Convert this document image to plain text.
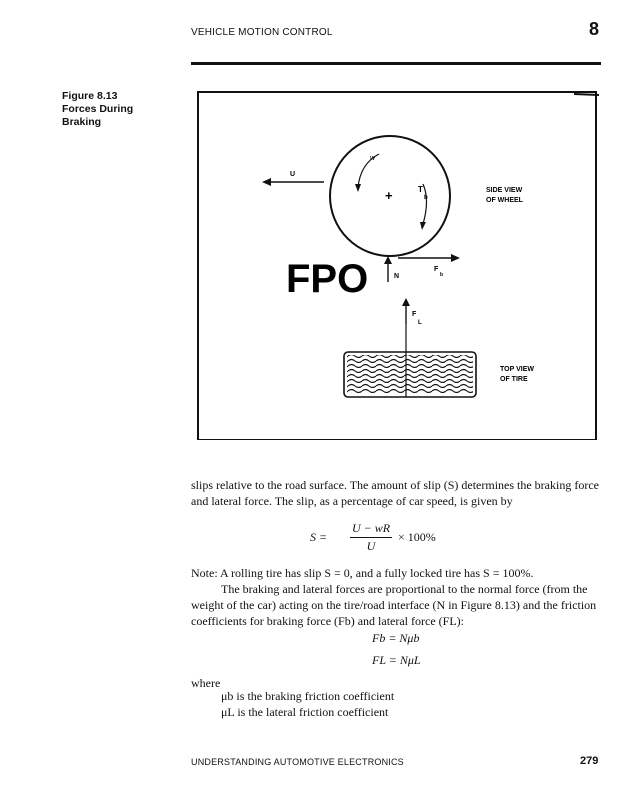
VEHICLE MOTION CONTROL	8
Figure 8.13
Forces During
Braking
w
+	T
b
U
SIDE VIEW
OF WHEEL
FPO	N
F
b
F
L
TOP VIEW
OF TIRE
slips relative to the road surface. The amount of slip (S) determines the braking force and lateral force. The slip, as a percentage of car speed, is given by
S =
U − wR
U
× 100%
Note: A rolling tire has slip S = 0, and a fully locked tire has S = 100%.
The braking and lateral forces are proportional to the normal force (from the weight of the car) acting on the tire/road interface (N in Figure 8.13) and the friction coefficients for braking force (Fb) and lateral force (FL):
Fb = Nμb
FL = NμL
where
μb is the braking friction coefficient
μL is the lateral friction coefficient
UNDERSTANDING AUTOMOTIVE ELECTRONICS	279
